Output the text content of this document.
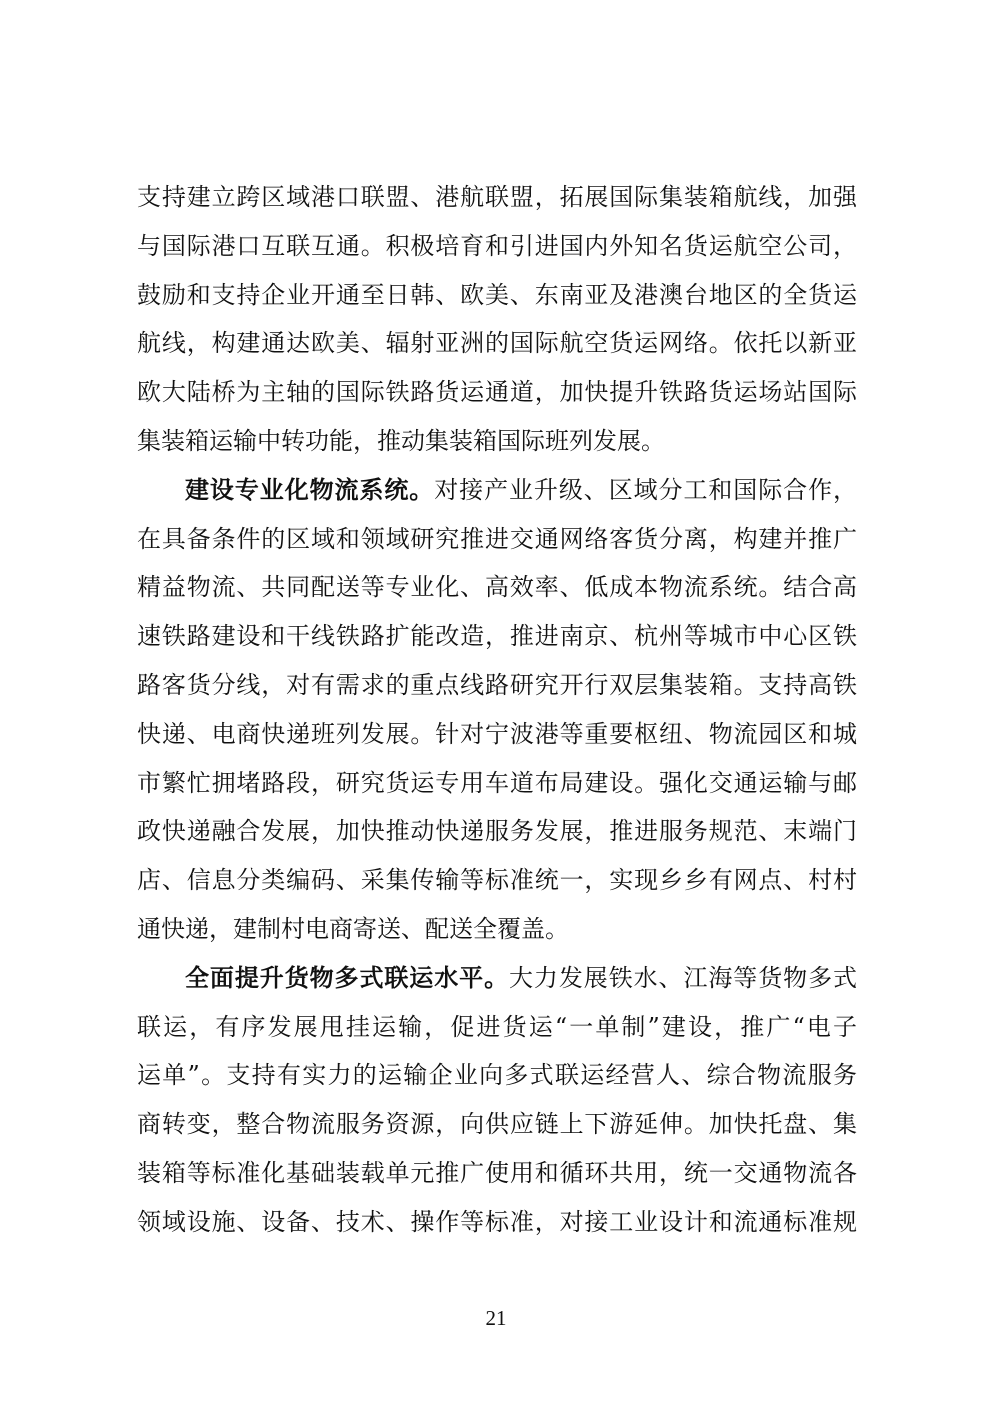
支持建立跨区域港口联盟、港航联盟，拓展国际集装箱航线，加强
与国际港口互联互通。积极培育和引进国内外知名货运航空公司，
鼓励和支持企业开通至日韩、欧美、东南亚及港澳台地区的全货运
航线，构建通达欧美、辐射亚洲的国际航空货运网络。依托以新亚
欧大陆桥为主轴的国际铁路货运通道，加快提升铁路货运场站国际
集装箱运输中转功能，推动集装箱国际班列发展。
建设专业化物流系统。对接产业升级、区域分工和国际合作，
在具备条件的区域和领域研究推进交通网络客货分离，构建并推广
精益物流、共同配送等专业化、高效率、低成本物流系统。结合高
速铁路建设和干线铁路扩能改造，推进南京、杭州等城市中心区铁
路客货分线，对有需求的重点线路研究开行双层集装箱。支持高铁
快递、电商快递班列发展。针对宁波港等重要枢纽、物流园区和城
市繁忙拥堵路段，研究货运专用车道布局建设。强化交通运输与邮
政快递融合发展，加快推动快递服务发展，推进服务规范、末端门
店、信息分类编码、采集传输等标准统一，实现乡乡有网点、村村
通快递，建制村电商寄送、配送全覆盖。
全面提升货物多式联运水平。大力发展铁水、江海等货物多式
联运，有序发展甩挂运输，促进货运“一单制”建设，推广“电子
运单”。支持有实力的运输企业向多式联运经营人、综合物流服务
商转变，整合物流服务资源，向供应链上下游延伸。加快托盘、集
装箱等标准化基础装载单元推广使用和循环共用，统一交通物流各
领域设施、设备、技术、操作等标准，对接工业设计和流通标准规
21
